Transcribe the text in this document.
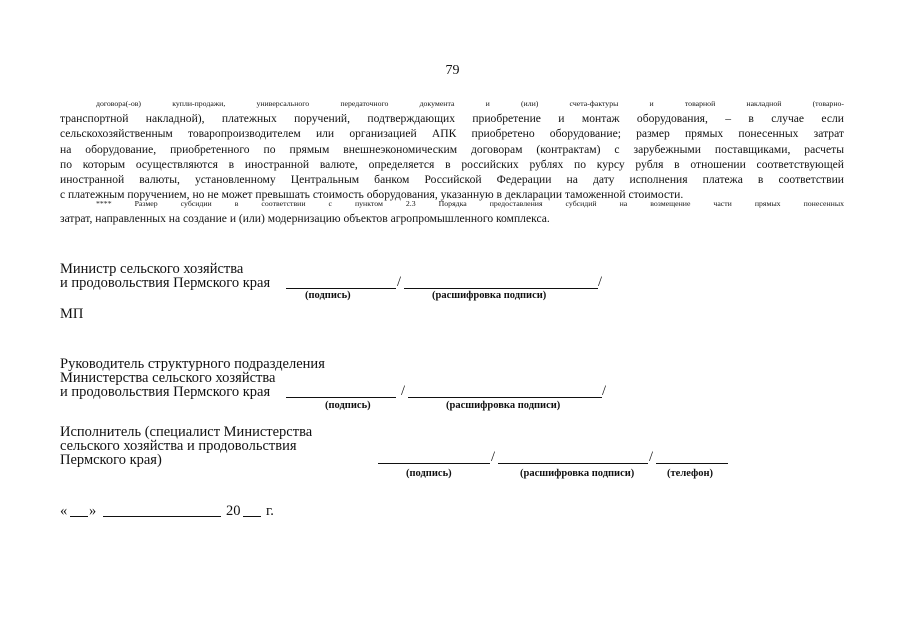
79
договора(-ов) купли-продажи, универсального передаточного документа и (или) счета-фактуры и товарной накладной (товарно-
транспортной накладной), платежных поручений, подтверждающих приобретение и монтаж оборудования, – в случае если
сельскохозяйственным товаропроизводителем или организацией АПК приобретено оборудование; размер прямых понесенных затрат
на оборудование, приобретенного по прямым внешнеэкономическим договорам (контрактам) с зарубежными поставщиками, расчеты
по которым осуществляются в иностранной валюте, определяется в российских рублях по курсу рубля в отношении соответствующей
иностранной валюты, установленному Центральным банком Российской Федерации на дату исполнения платежа в соответствии
с платежным поручением, но не может превышать стоимость оборудования, указанную в декларации таможенной стоимости.
**** Размер субсидии в соответствии с пунктом 2.3 Порядка предоставления субсидий на возмещение части прямых понесенных
затрат, направленных на создание и (или) модернизацию объектов агропромышленного комплекса.
Министр сельского хозяйства
и продовольствия Пермского края	/	/
(подпись)	(расшифровка подписи)
МП
Руководитель структурного подразделения
Министерства сельского хозяйства
и продовольствия Пермского края	/	/
(подпись)	(расшифровка подписи)
Исполнитель (специалист Министерства
сельского хозяйства и продовольствия
Пермского края)	/	/
(подпись)	(расшифровка подписи)	(телефон)
« »	20 г.
